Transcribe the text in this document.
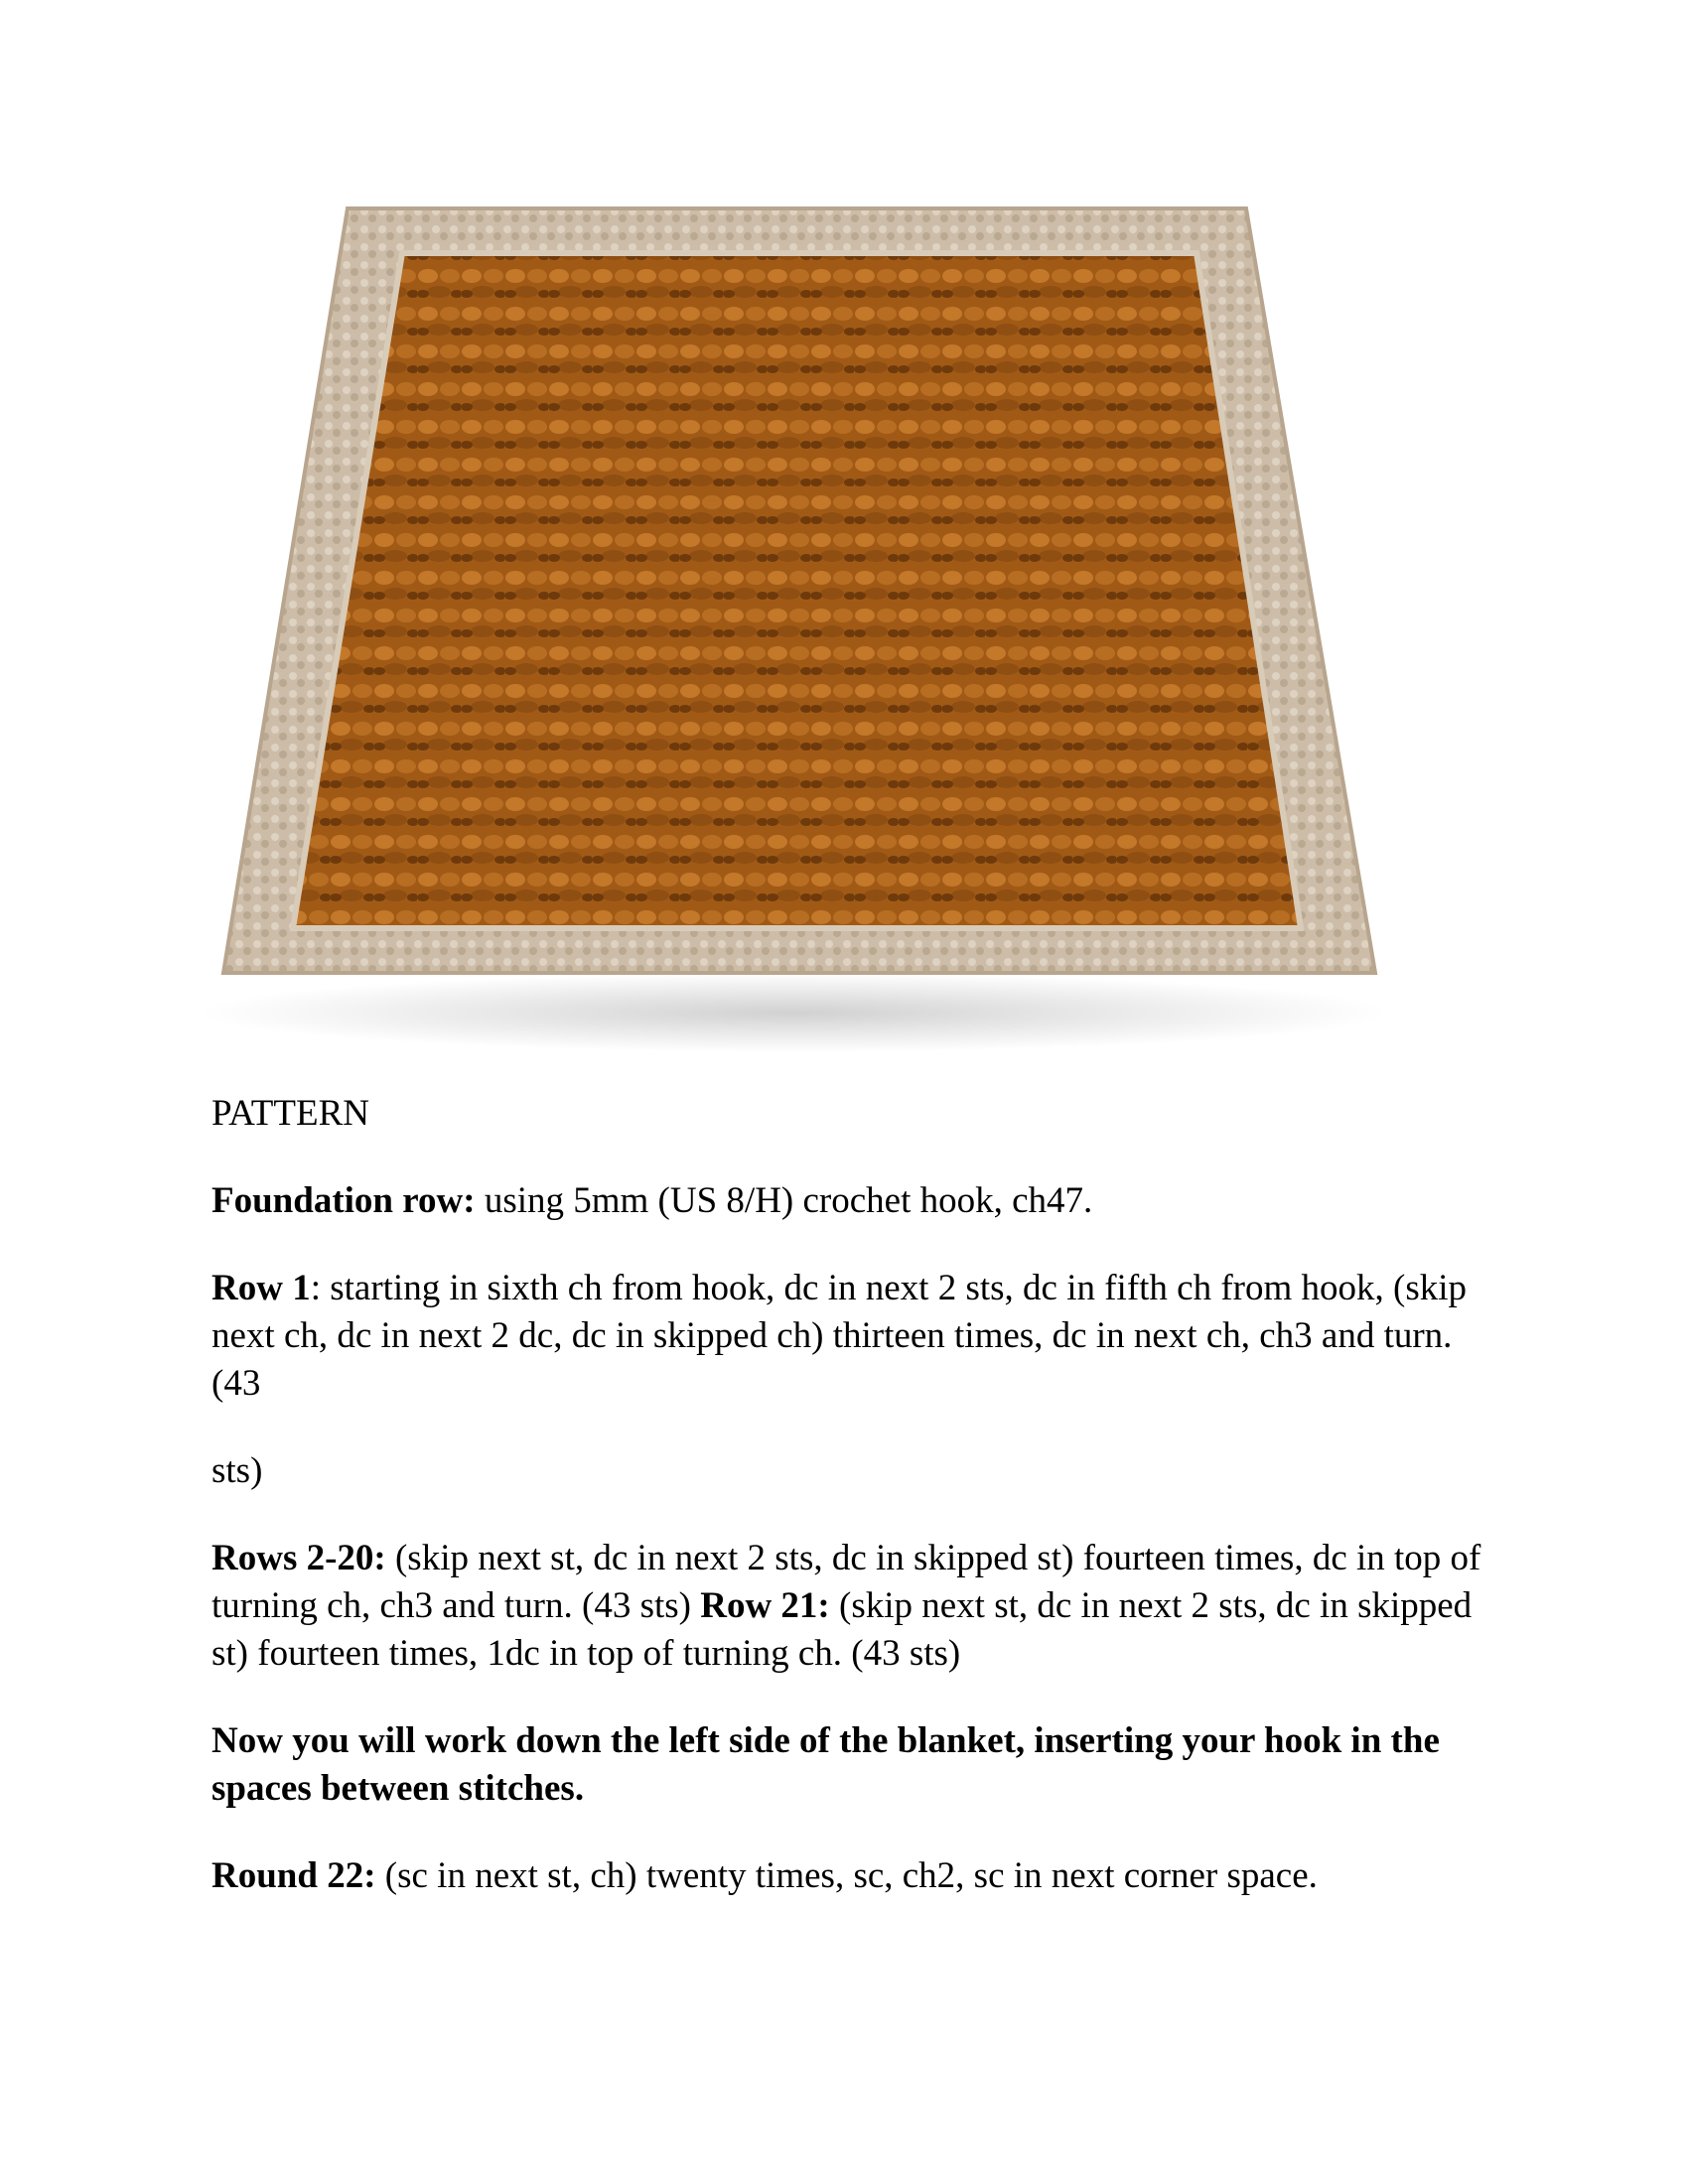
PATTERN

Foundation row: using 5mm (US 8/H) crochet hook, ch47.

Row 1: starting in sixth ch from hook, dc in next 2 sts, dc in fifth ch from hook, (skip next ch, dc in next 2 dc, dc in skipped ch) thirteen times, dc in next ch, ch3 and turn. (43

sts)

Rows 2-20: (skip next st, dc in next 2 sts, dc in skipped st) fourteen times, dc in top of turning ch, ch3 and turn. (43 sts) Row 21: (skip next st, dc in next 2 sts, dc in skipped st) fourteen times, 1dc in top of turning ch. (43 sts)

Now you will work down the left side of the blanket, inserting your hook in the spaces between stitches.

Round 22: (sc in next st, ch) twenty times, sc, ch2, sc in next corner space.
